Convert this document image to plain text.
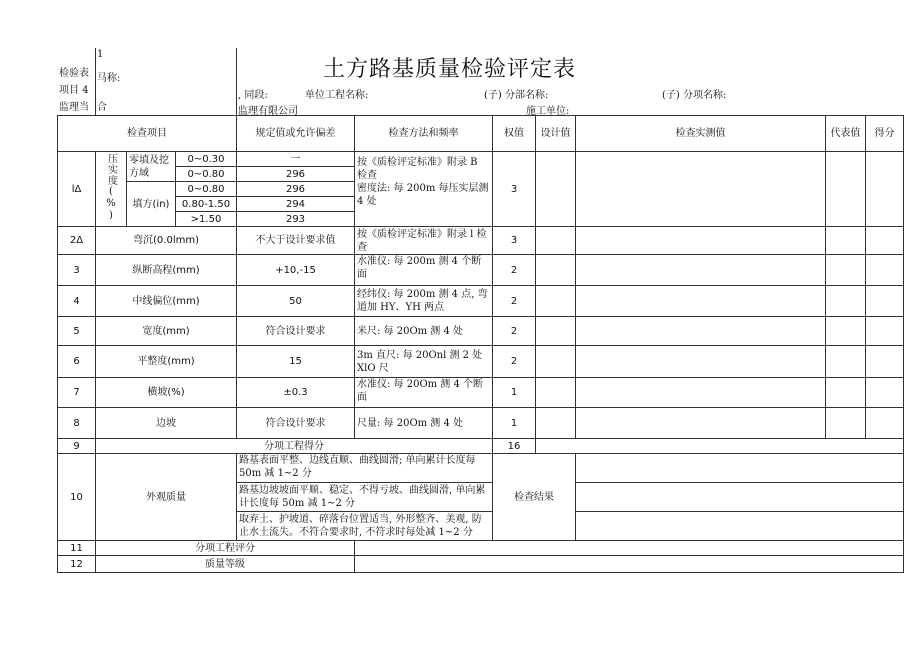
检验表
项目 4
监理当
1
马称:
合
土方路基质量检验评定表
, 同段:	单位工程名称:	(子) 分部名称:	(子) 分项名称:
监理有限公司	施工单位:
检查项目				规定值或允许偏差	检查方法和频率	权值	设计值	检查实测值	代表值	得分
lΔ	压实度(%)	零填及挖方域	0~0.30	一	按《质检评定标准》附录 B 检查
密度法: 每 200m 每压实层测 4 处	3				
			0~0.80	296						
		填方(in)	0~0.80	296						
			0.80-1.50	294						
			>1.50	293						
2Δ	弯沉(0.0lmm)			不大于设计要求值	按《质检评定标准》附录 l 检查	3				
3	纵断高程(mm)			+10,-15	水准仪: 每 200m 测 4 个断面	2				
4	中线偏位(mm)			50	经纬仪: 每 200m 测 4 点, 弯道加 HY、YH 两点	2				
5	宽度(mm)			符合设计要求	米尺: 每 20Om 测 4 处	2				
6	平整度(mm)			15	3m 直尺: 每 20Onl 测 2 处 XlO 尺	2				
7	横坡(%)			±0.3	水准仪: 每 20Om 测 4 个断面	1				
8	边坡			符合设计要求	尺量: 每 20Om 测 4 处	1				
9	分项工程得分					16				
10	外观质量			路基表面平整、边线直顺、曲线圆滑; 单向累计长度每 50m 减 1~2 分		检查结果				
				路基边坡坡面平顺、稳定、不得亏坡、曲线圆滑, 单向累计长度每 50m 减 1~2 分						
				取弃土、护坡道、碎落台位置适当, 外形整齐、美观, 防止水土流失。不符合要求时, 不符求时每处减 1~2 分						
11	分项工程评分									
12	质量等级									
